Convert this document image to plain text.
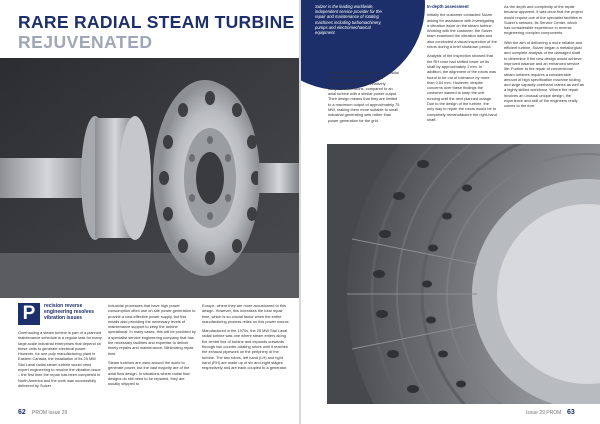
RARE RADIAL STEAM TURBINE
REJUVENATED
P	recision reverse engineering resolves vibration issues

Overhauling a steam turbine is part of a planned maintenance schedule is a regular task for many large-scale industrial enterprises that depend on these units to generate electrical power. However, for one pulp manufacturing plant in Eastern Canada, the installation of its 25 MW Stal Laval radial steam turbine would need expert engineering to resolve the vibration issue – the first time the repair has been completed in North America and the work was successfully delivered by Sulzer.

Industrial processes that have high power consumption often use on-site power generation to provide a cost-effective power supply, but this entails also providing the necessary levels of maintenance support to keep the turbine operational. In many cases, this will be provided by a specialist service engineering company that has the necessary facilities and expertise to deliver timely repairs and maintenance. Minimizing repair time.

Steam turbines are used around the world to generate power, but the vast majority are of the axial flow design. In situations where radial flow designs do still need to be repaired, they are usually shipped to

Europe, where they are more accustomed to this design. However, this increases the total repair time, which is so crucial factor when the entire manufacturing process relies on this power source.

Manufactured in the 1970s, the 25 MW Stal Laval radial turbine was one where steam enters along the centre line of turbine and expands outwards through two counter-rotating rotors until it reaches the exhaust pipework on the periphery of the turbine. The two rotors, left hand (LH) and right hand (RH) are made up of six and eight stages respectively and are each coupled to a generator.

62 PROM Issue 29

Sulzer is the leading worldwide, independent service provider for the repair and maintenance of rotating machines including turbomachinery, pumps and electromechanical equipment.

Although more common in Europe, radial turbines are also used in marine applications due to their relatively compact dimensions, compared to an axial turbine with a similar power output. Their design means that they are limited to a maximum output of approximately 75 MW, making them more suitable to small industrial generating sets rather than power generation for the grid.

In-depth assessment

Initially the customer contacted Sulzer asking for assistance with investigating a vibration issue on the steam turbine. Working with the customer, the Sulzer team examined the vibration data and also conducted a visual inspection of the rotors during a brief shutdown period.

Analysis of the inspection showed that the RH rotor had shifted lower on its shaft by approximately 1 mm. In addition, the alignment of the rotors was found to be out of tolerance by more than 0.04 mm. However, despite concerns over these findings the customer wanted to keep the unit running until the next planned outage. Due to the design of the turbine, the only way to repair the rotors would be to completely remanufacture the right-hand shaft.

As the depth and complexity of the repair became apparent, it was clear that the project would require one of the specialist facilities in Sulzer's network, its Service Center, which has considerable experience in reverse engineering complex components.

With the aim of delivering a more reliable and efficient turbine, Sulzer began a metallurgical and complete analysis of the damaged shaft to determine if the new design would achieve improved balance and an enhanced service life. Further to the repair of conventional steam turbines requires a considerable amount of high specification machine tooling and large capacity overhead cranes as well as a highly skilled workforce. Where the repair involves an unusual unique design, the experience and skill of the engineers really comes to the fore.

Issue 29 PROM 63
